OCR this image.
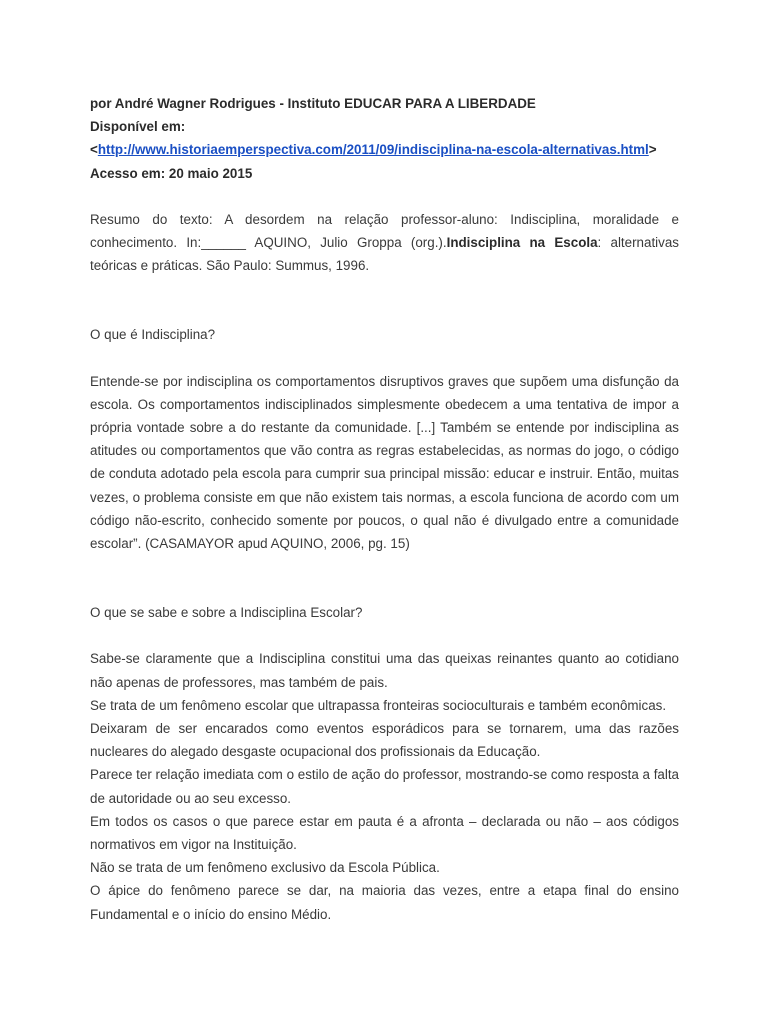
por André Wagner Rodrigues - Instituto EDUCAR PARA A LIBERDADE
Disponível em:
<http://www.historiaemperspectiva.com/2011/09/indisciplina-na-escola-alternativas.html>
Acesso em: 20 maio 2015

Resumo do texto: A desordem na relação professor-aluno: Indisciplina, moralidade e conhecimento. In:______ AQUINO, Julio Groppa (org.).Indisciplina na Escola: alternativas teóricas e práticas. São Paulo: Summus, 1996.

O que é Indisciplina?

Entende-se por indisciplina os comportamentos disruptivos graves que supõem uma disfunção da escola. Os comportamentos indisciplinados simplesmente obedecem a uma tentativa de impor a própria vontade sobre a do restante da comunidade. [...] Também se entende por indisciplina as atitudes ou comportamentos que vão contra as regras estabelecidas, as normas do jogo, o código de conduta adotado pela escola para cumprir sua principal missão: educar e instruir. Então, muitas vezes, o problema consiste em que não existem tais normas, a escola funciona de acordo com um código não-escrito, conhecido somente por poucos, o qual não é divulgado entre a comunidade escolar”. (CASAMAYOR apud AQUINO, 2006, pg. 15)

O que se sabe e sobre a Indisciplina Escolar?

Sabe-se claramente que a Indisciplina constitui uma das queixas reinantes quanto ao cotidiano não apenas de professores, mas também de pais.

Se trata de um fenômeno escolar que ultrapassa fronteiras socioculturais e também econômicas.

Deixaram de ser encarados como eventos esporádicos para se tornarem, uma das razões nucleares do alegado desgaste ocupacional dos profissionais da Educação.

Parece ter relação imediata com o estilo de ação do professor, mostrando-se como resposta a falta de autoridade ou ao seu excesso.

Em todos os casos o que parece estar em pauta é a afronta – declarada ou não – aos códigos normativos em vigor na Instituição.

Não se trata de um fenômeno exclusivo da Escola Pública.

O ápice do fenômeno parece se dar, na maioria das vezes, entre a etapa final do ensino Fundamental e o início do ensino Médio.
